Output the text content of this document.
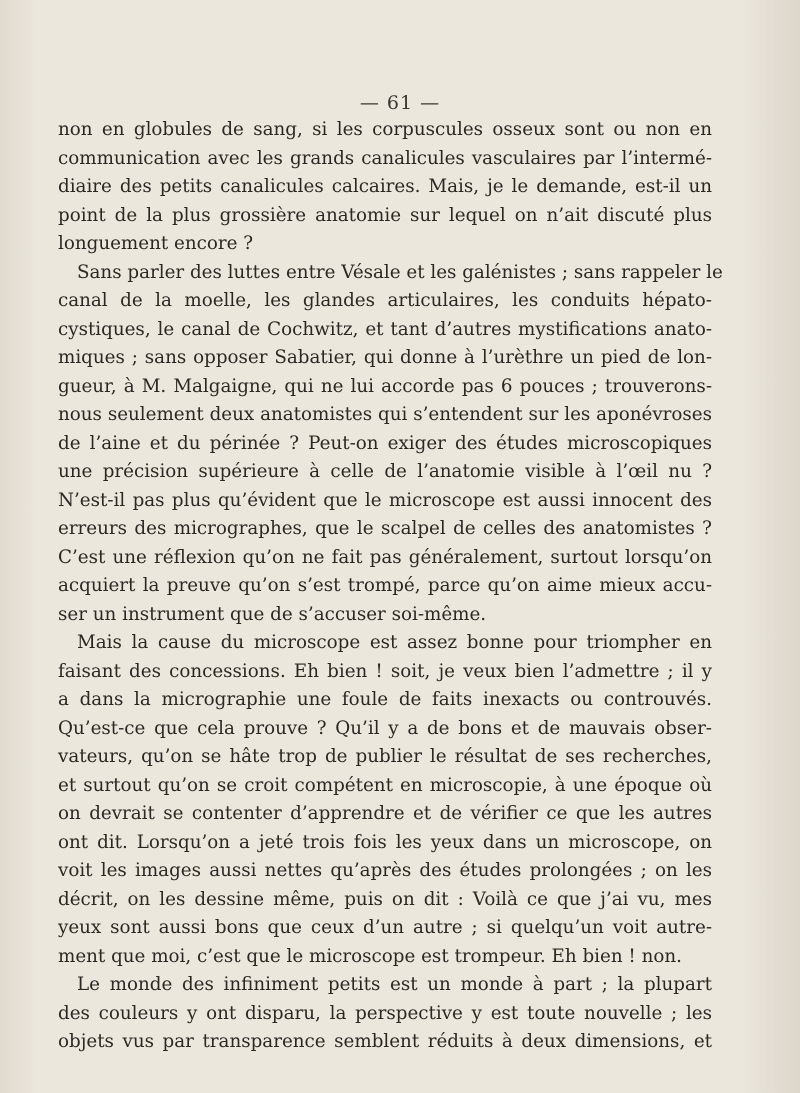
— 61 —
non en globules de sang, si les corpuscules osseux sont ou non en
communication avec les grands canalicules vasculaires par l’intermé-
diaire des petits canalicules calcaires. Mais, je le demande, est-il un
point de la plus grossière anatomie sur lequel on n’ait discuté plus
longuement encore ?
Sans parler des luttes entre Vésale et les galénistes ; sans rappeler le
canal de la moelle, les glandes articulaires, les conduits hépato-
cystiques, le canal de Cochwitz, et tant d’autres mystifications anato-
miques ; sans opposer Sabatier, qui donne à l’urèthre un pied de lon-
gueur, à M. Malgaigne, qui ne lui accorde pas 6 pouces ; trouverons-
nous seulement deux anatomistes qui s’entendent sur les aponévroses
de l’aine et du périnée ? Peut-on exiger des études microscopiques
une précision supérieure à celle de l’anatomie visible à l’œil nu ?
N’est-il pas plus qu’évident que le microscope est aussi innocent des
erreurs des micrographes, que le scalpel de celles des anatomistes ?
C’est une réflexion qu’on ne fait pas généralement, surtout lorsqu’on
acquiert la preuve qu’on s’est trompé, parce qu’on aime mieux accu-
ser un instrument que de s’accuser soi-même.
Mais la cause du microscope est assez bonne pour triompher en
faisant des concessions. Eh bien ! soit, je veux bien l’admettre ; il y
a dans la micrographie une foule de faits inexacts ou controuvés.
Qu’est-ce que cela prouve ? Qu’il y a de bons et de mauvais obser-
vateurs, qu’on se hâte trop de publier le résultat de ses recherches,
et surtout qu’on se croit compétent en microscopie, à une époque où
on devrait se contenter d’apprendre et de vérifier ce que les autres
ont dit. Lorsqu’on a jeté trois fois les yeux dans un microscope, on
voit les images aussi nettes qu’après des études prolongées ; on les
décrit, on les dessine même, puis on dit : Voilà ce que j’ai vu, mes
yeux sont aussi bons que ceux d’un autre ; si quelqu’un voit autre-
ment que moi, c’est que le microscope est trompeur. Eh bien ! non.
Le monde des infiniment petits est un monde à part ; la plupart
des couleurs y ont disparu, la perspective y est toute nouvelle ; les
objets vus par transparence semblent réduits à deux dimensions, et
